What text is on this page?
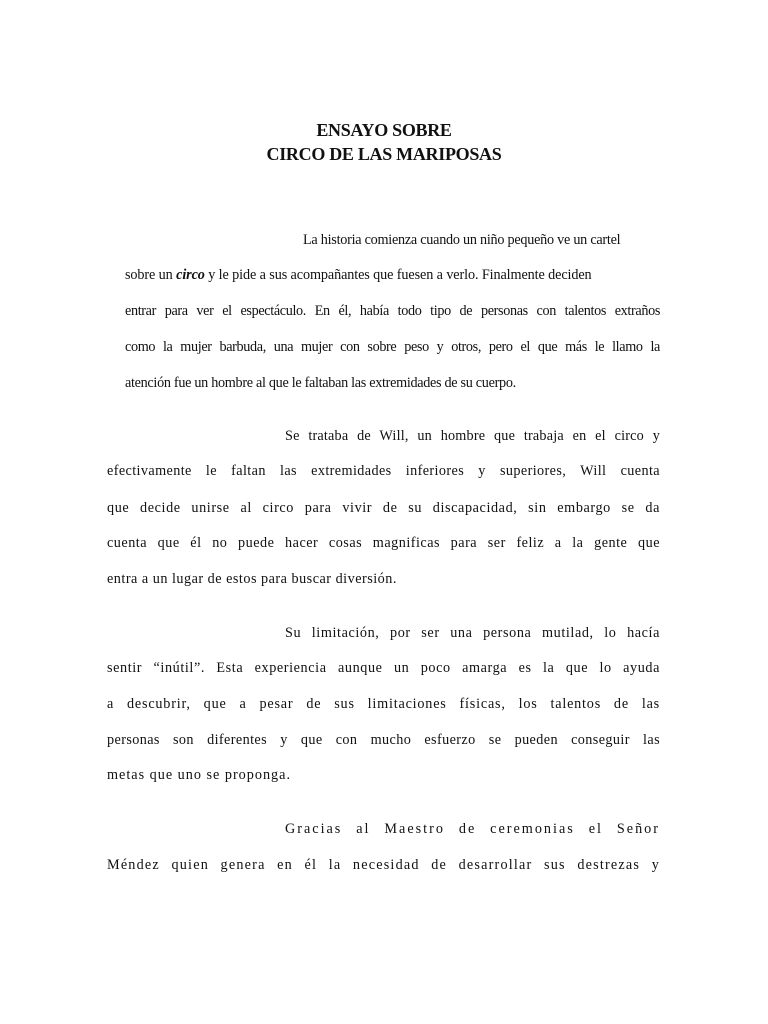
ENSAYO SOBRE
CIRCO DE LAS MARIPOSAS
La historia comienza cuando un niño pequeño ve un cartel
sobre un circo y le pide a sus acompañantes que fuesen a verlo. Finalmente deciden
entrar para ver el espectáculo. En él, había todo tipo de personas con talentos extraños
como la mujer barbuda, una mujer con sobre peso y otros, pero el que más le llamo la
atención fue un hombre al que le faltaban las extremidades de su cuerpo.
Se trataba de Will, un hombre que trabaja en el circo y
efectivamente le faltan las extremidades inferiores y superiores, Will cuenta
que decide unirse al circo para vivir de su discapacidad, sin embargo se da
cuenta que él no puede hacer cosas magnificas para ser feliz a la gente que
entra a un lugar de estos para buscar diversión.
Su limitación, por ser una persona mutilad, lo hacía
sentir “inútil”. Esta experiencia aunque un poco amarga es la que lo ayuda
a descubrir, que a pesar de sus limitaciones físicas, los talentos de las
personas son diferentes y que con mucho esfuerzo se pueden conseguir las
metas que uno se proponga.
Gracias al Maestro de ceremonias el Señor
Méndez quien genera en él la necesidad de desarrollar sus destrezas y
